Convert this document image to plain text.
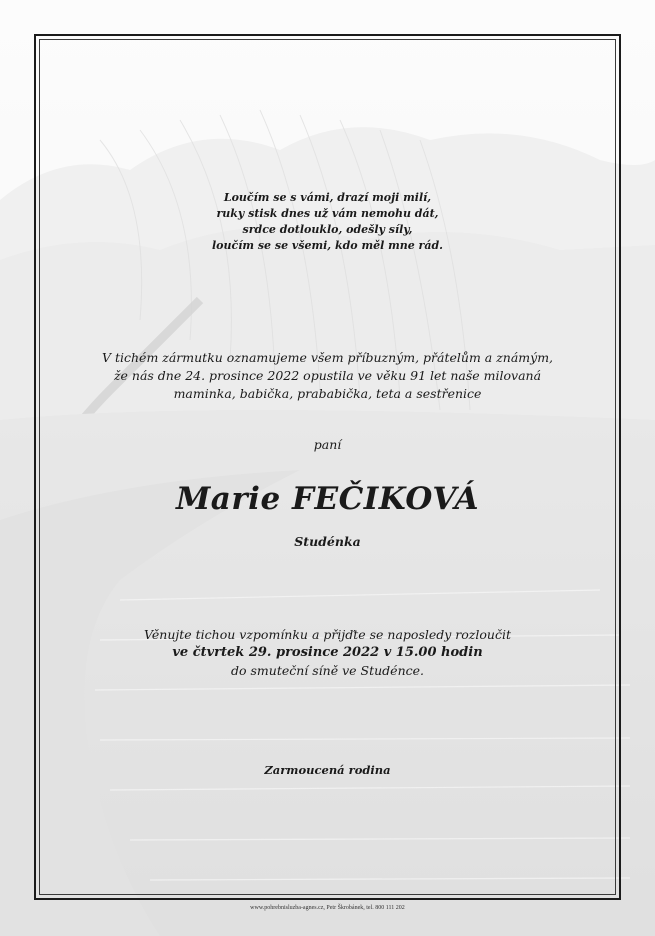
Loučím se s vámi, drazí moji milí,
ruky stisk dnes už vám nemohu dát,
srdce dotlouklo, odešly síly,
loučím se se všemi, kdo měl mne rád.
V tichém zármutku oznamujeme všem příbuzným, přátelům a známým,
že nás dne 24. prosince 2022 opustila ve věku 91 let naše milovaná
maminka, babička, prababička, teta a sestřenice
paní
Marie FEČIKOVÁ
Studénka
Věnujte tichou vzpomínku a přijďte se naposledy rozloučit
ve čtvrtek 29. prosince 2022 v 15.00 hodin
do smuteční síně ve Studénce.
Zarmoucená rodina
www.pohrebnisluzba-agnes.cz, Petr Škrobánek, tel. 800 111 202
